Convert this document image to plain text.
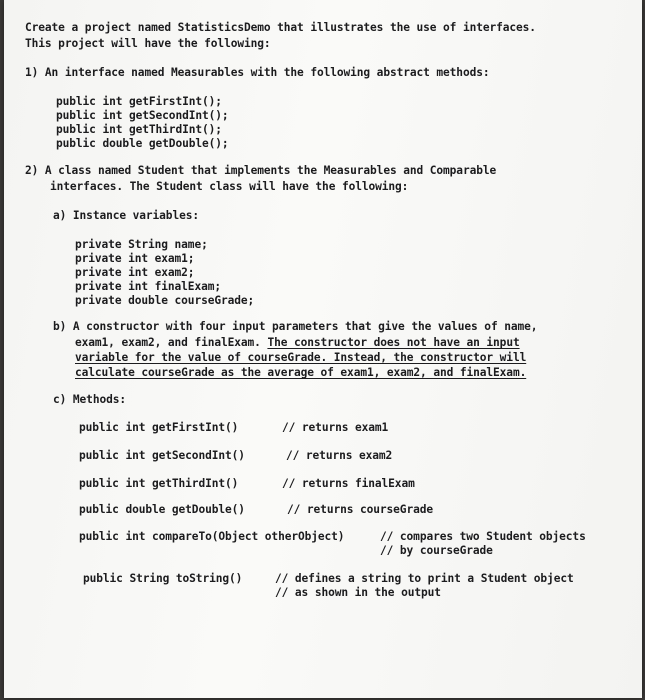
Create a project named StatisticsDemo that illustrates the use of interfaces.
This project will have the following:
1) An interface named Measurables with the following abstract methods:
public int getFirstInt();
public int getSecondInt();
public int getThirdInt();
public double getDouble();
2) A class named Student that implements the Measurables and Comparable
interfaces. The Student class will have the following:
a) Instance variables:
private String name;
private int exam1;
private int exam2;
private int finalExam;
private double courseGrade;
b) A constructor with four input parameters that give the values of name,
exam1, exam2, and finalExam. The constructor does not have an input
variable for the value of courseGrade. Instead, the constructor will
calculate courseGrade as the average of exam1, exam2, and finalExam.
c) Methods:
public int getFirstInt()	// returns exam1
public int getSecondInt()	// returns exam2
public int getThirdInt()	// returns finalExam
public double getDouble()	// returns courseGrade
public int compareTo(Object otherObject)	// compares two Student objects
// by courseGrade
public String toString()	// defines a string to print a Student object
// as shown in the output
